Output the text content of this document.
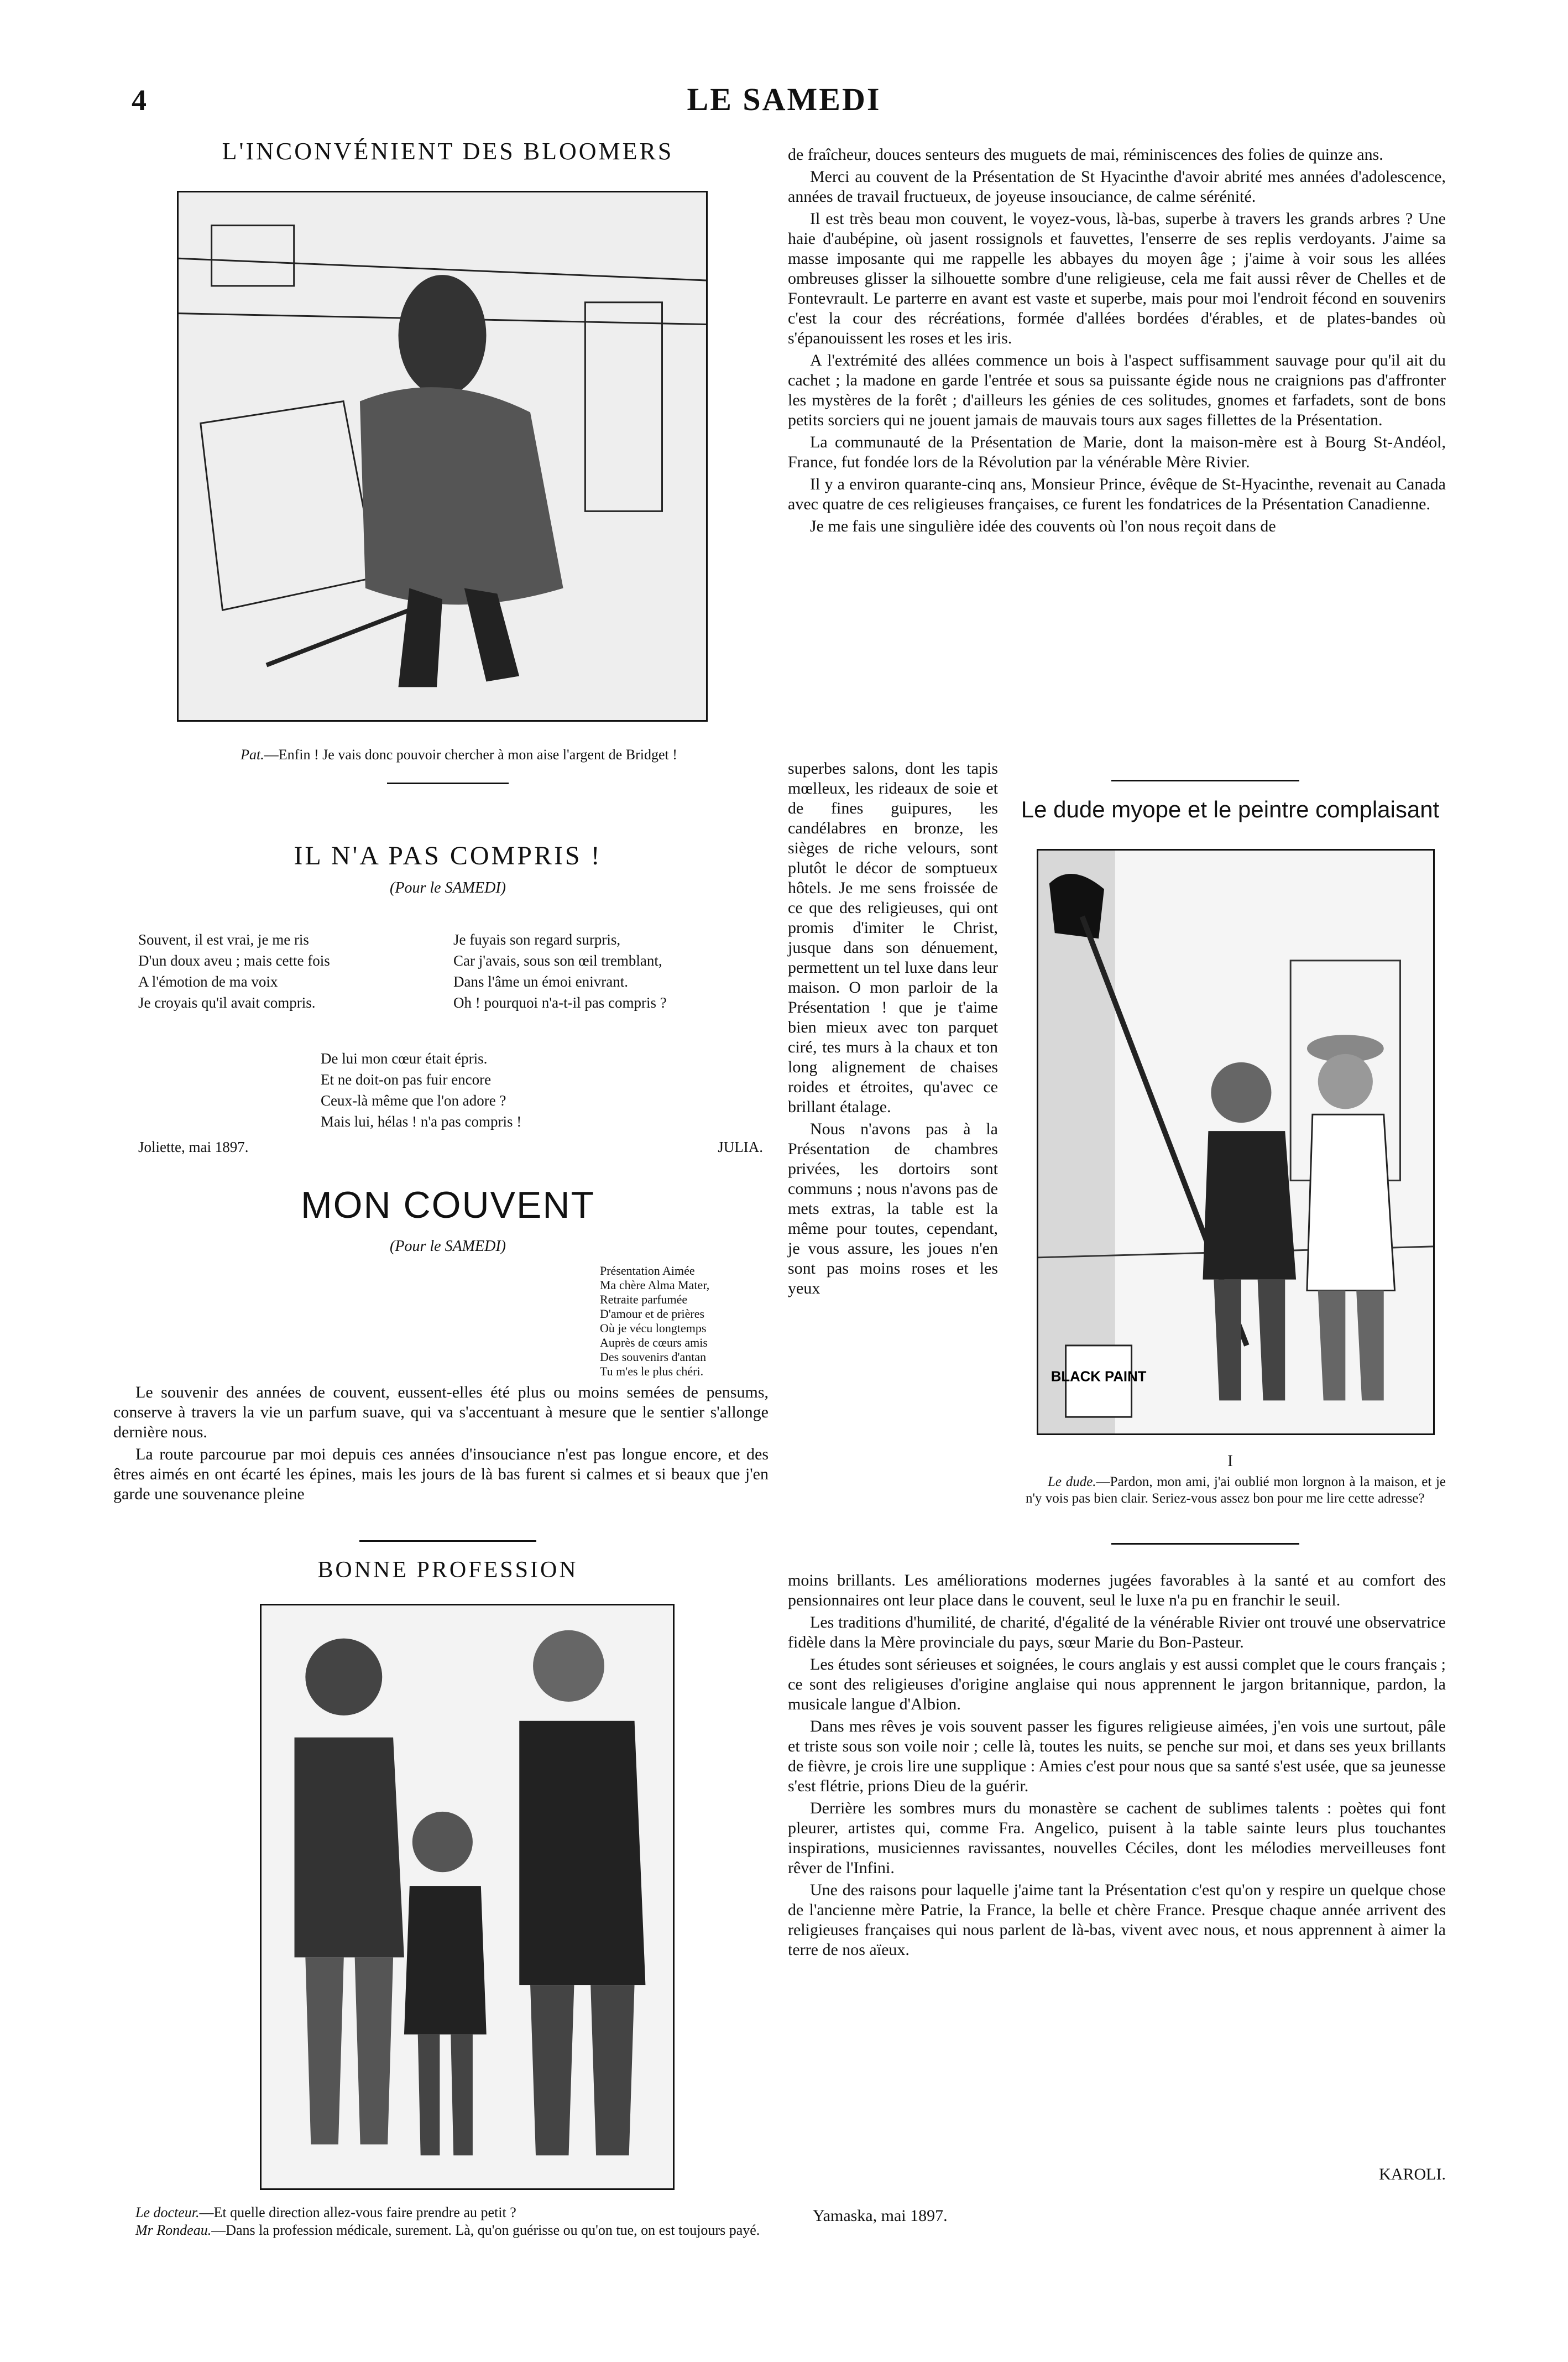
4	LE SAMEDI
L'INCONVÉNIENT DES BLOOMERS
Pat.—Enfin ! Je vais donc pouvoir chercher à mon aise l'argent de Bridget !
IL N'A PAS COMPRIS !
(Pour le SAMEDI)
Souvent, il est vrai, je me ris
D'un doux aveu ; mais cette fois
A l'émotion de ma voix
Je croyais qu'il avait compris.
Je fuyais son regard surpris,
Car j'avais, sous son œil tremblant,
Dans l'âme un émoi enivrant.
Oh ! pourquoi n'a-t-il pas compris ?
De lui mon cœur était épris.
Et ne doit-on pas fuir encore
Ceux-là même que l'on adore ?
Mais lui, hélas ! n'a pas compris !
Joliette, mai 1897.	JULIA.
MON COUVENT
(Pour le SAMEDI)
Présentation Aimée
Ma chère Alma Mater,
Retraite parfumée
D'amour et de prières
Où je vécu longtemps
Auprès de cœurs amis
Des souvenirs d'antan
Tu m'es le plus chéri.

Le souvenir des années de couvent, eussent-elles été plus ou moins semées de pensums, conserve à travers la vie un parfum suave, qui va s'accentuant à mesure que le sentier s'allonge dernière nous.

La route parcourue par moi depuis ces années d'insouciance n'est pas longue encore, et des êtres aimés en ont écarté les épines, mais les jours de là bas furent si calmes et si beaux que j'en garde une souvenance pleine

BONNE PROFESSION
Le docteur.—Et quelle direction allez-vous faire prendre au petit ?
Mr Rondeau.—Dans la profession médicale, surement. Là, qu'on guérisse ou qu'on tue, on est toujours payé.

de fraîcheur, douces senteurs des muguets de mai, réminiscences des folies de quinze ans.

Merci au couvent de la Présentation de St Hyacinthe d'avoir abrité mes années d'adolescence, années de travail fructueux, de joyeuse insouciance, de calme sérénité.

Il est très beau mon couvent, le voyez-vous, là-bas, superbe à travers les grands arbres ? Une haie d'aubépine, où jasent rossignols et fauvettes, l'enserre de ses replis verdoyants. J'aime sa masse imposante qui me rappelle les abbayes du moyen âge ; j'aime à voir sous les allées ombreuses glisser la silhouette sombre d'une religieuse, cela me fait aussi rêver de Chelles et de Fontevrault. Le parterre en avant est vaste et superbe, mais pour moi l'endroit fécond en souvenirs c'est la cour des récréations, formée d'allées bordées d'érables, et de plates-bandes où s'épanouissent les roses et les iris.

A l'extrémité des allées commence un bois à l'aspect suffisamment sauvage pour qu'il ait du cachet ; la madone en garde l'entrée et sous sa puissante égide nous ne craignions pas d'affronter les mystères de la forêt ; d'ailleurs les génies de ces solitudes, gnomes et farfadets, sont de bons petits sorciers qui ne jouent jamais de mauvais tours aux sages fillettes de la Présentation.

La communauté de la Présentation de Marie, dont la maison-mère est à Bourg St-Andéol, France, fut fondée lors de la Révolution par la vénérable Mère Rivier.

Il y a environ quarante-cinq ans, Monsieur Prince, évêque de St-Hyacinthe, revenait au Canada avec quatre de ces religieuses françaises, ce furent les fondatrices de la Présentation Canadienne.

Je me fais une singulière idée des couvents où l'on nous reçoit dans de

superbes salons, dont les tapis mœlleux, les rideaux de soie et de fines guipures, les candélabres en bronze, les sièges de riche velours, sont plutôt le décor de somptueux hôtels. Je me sens froissée de ce que des religieuses, qui ont promis d'imiter le Christ, jusque dans son dénuement, permettent un tel luxe dans leur maison. O mon parloir de la Présentation ! que je t'aime bien mieux avec ton parquet ciré, tes murs à la chaux et ton long alignement de chaises roides et étroites, qu'avec ce brillant étalage.

Nous n'avons pas à la Présentation de chambres privées, les dortoirs sont communs ; nous n'avons pas de mets extras, la table est la même pour toutes, cependant, je vous assure, les joues n'en sont pas moins roses et les yeux

Le dude myope et le peintre complaisant
BLACK PAINT
I
Le dude.—Pardon, mon ami, j'ai oublié mon lorgnon à la maison, et je n'y vois pas bien clair. Seriez-vous assez bon pour me lire cette adresse?

moins brillants. Les améliorations modernes jugées favorables à la santé et au comfort des pensionnaires ont leur place dans le couvent, seul le luxe n'a pu en franchir le seuil.

Les traditions d'humilité, de charité, d'égalité de la vénérable Rivier ont trouvé une observatrice fidèle dans la Mère provinciale du pays, sœur Marie du Bon-Pasteur.

Les études sont sérieuses et soignées, le cours anglais y est aussi complet que le cours français ; ce sont des religieuses d'origine anglaise qui nous apprennent le jargon britannique, pardon, la musicale langue d'Albion.

Dans mes rêves je vois souvent passer les figures religieuse aimées, j'en vois une surtout, pâle et triste sous son voile noir ; celle là, toutes les nuits, se penche sur moi, et dans ses yeux brillants de fièvre, je crois lire une supplique : Amies c'est pour nous que sa santé s'est usée, que sa jeunesse s'est flétrie, prions Dieu de la guérir.

Derrière les sombres murs du monastère se cachent de sublimes talents : poètes qui font pleurer, artistes qui, comme Fra. Angelico, puisent à la table sainte leurs plus touchantes inspirations, musiciennes ravissantes, nouvelles Céciles, dont les mélodies merveilleuses font rêver de l'Infini.

Une des raisons pour laquelle j'aime tant la Présentation c'est qu'on y respire un quelque chose de l'ancienne mère Patrie, la France, la belle et chère France. Presque chaque année arrivent des religieuses françaises qui nous parlent de là-bas, vivent avec nous, et nous apprennent à aimer la terre de nos aïeux.

KAROLI.
Yamaska, mai 1897.
